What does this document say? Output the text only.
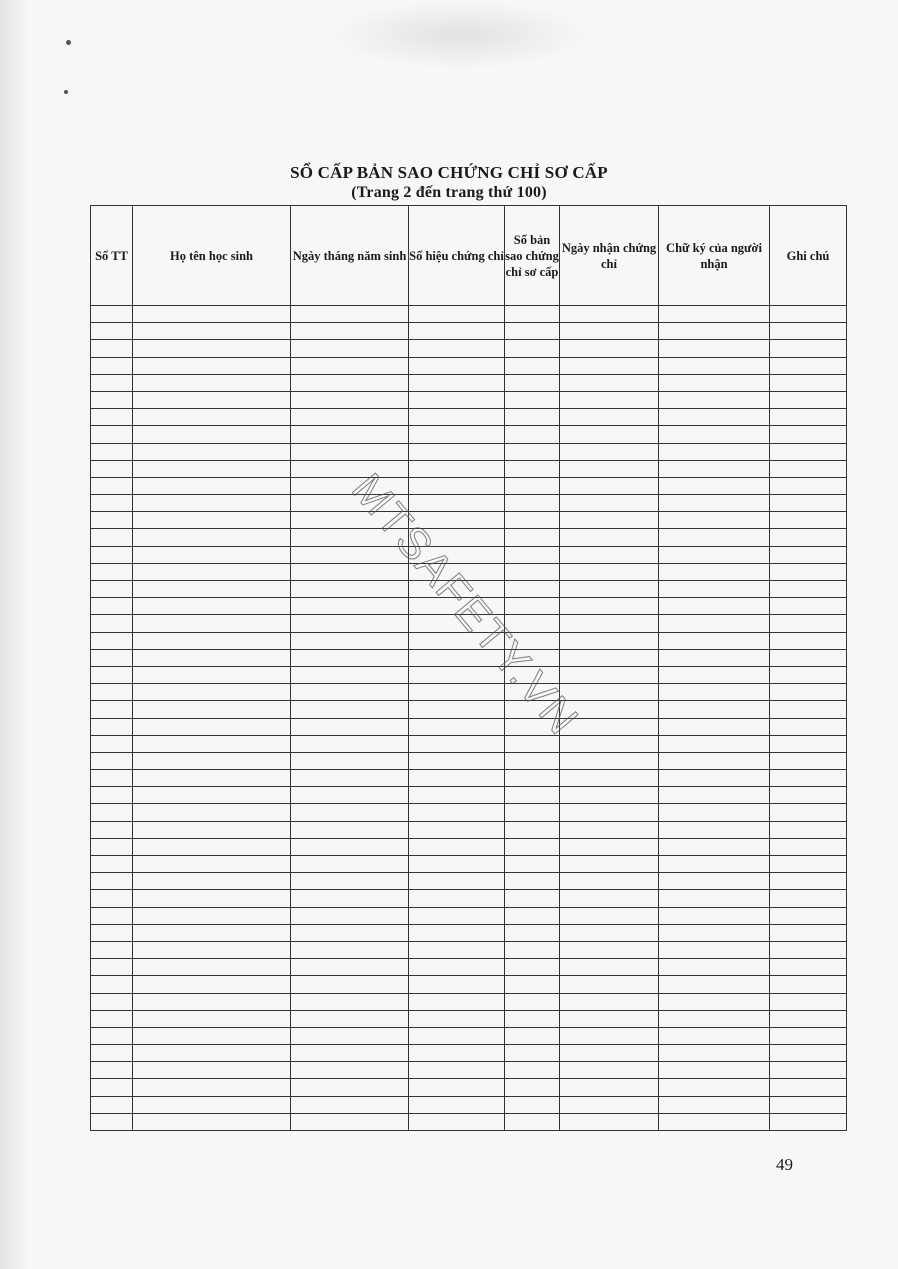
SỔ CẤP BẢN SAO CHỨNG CHỈ SƠ CẤP
(Trang 2 đến trang thứ 100)
Số TT	Họ tên học sinh	Ngày tháng năm sinh	Số hiệu chứng chỉ	Số bản sao chứng chỉ sơ cấp	Ngày nhận chứng chỉ	Chữ ký của người nhận	Ghi chú

MTSAFETY.VN
49
